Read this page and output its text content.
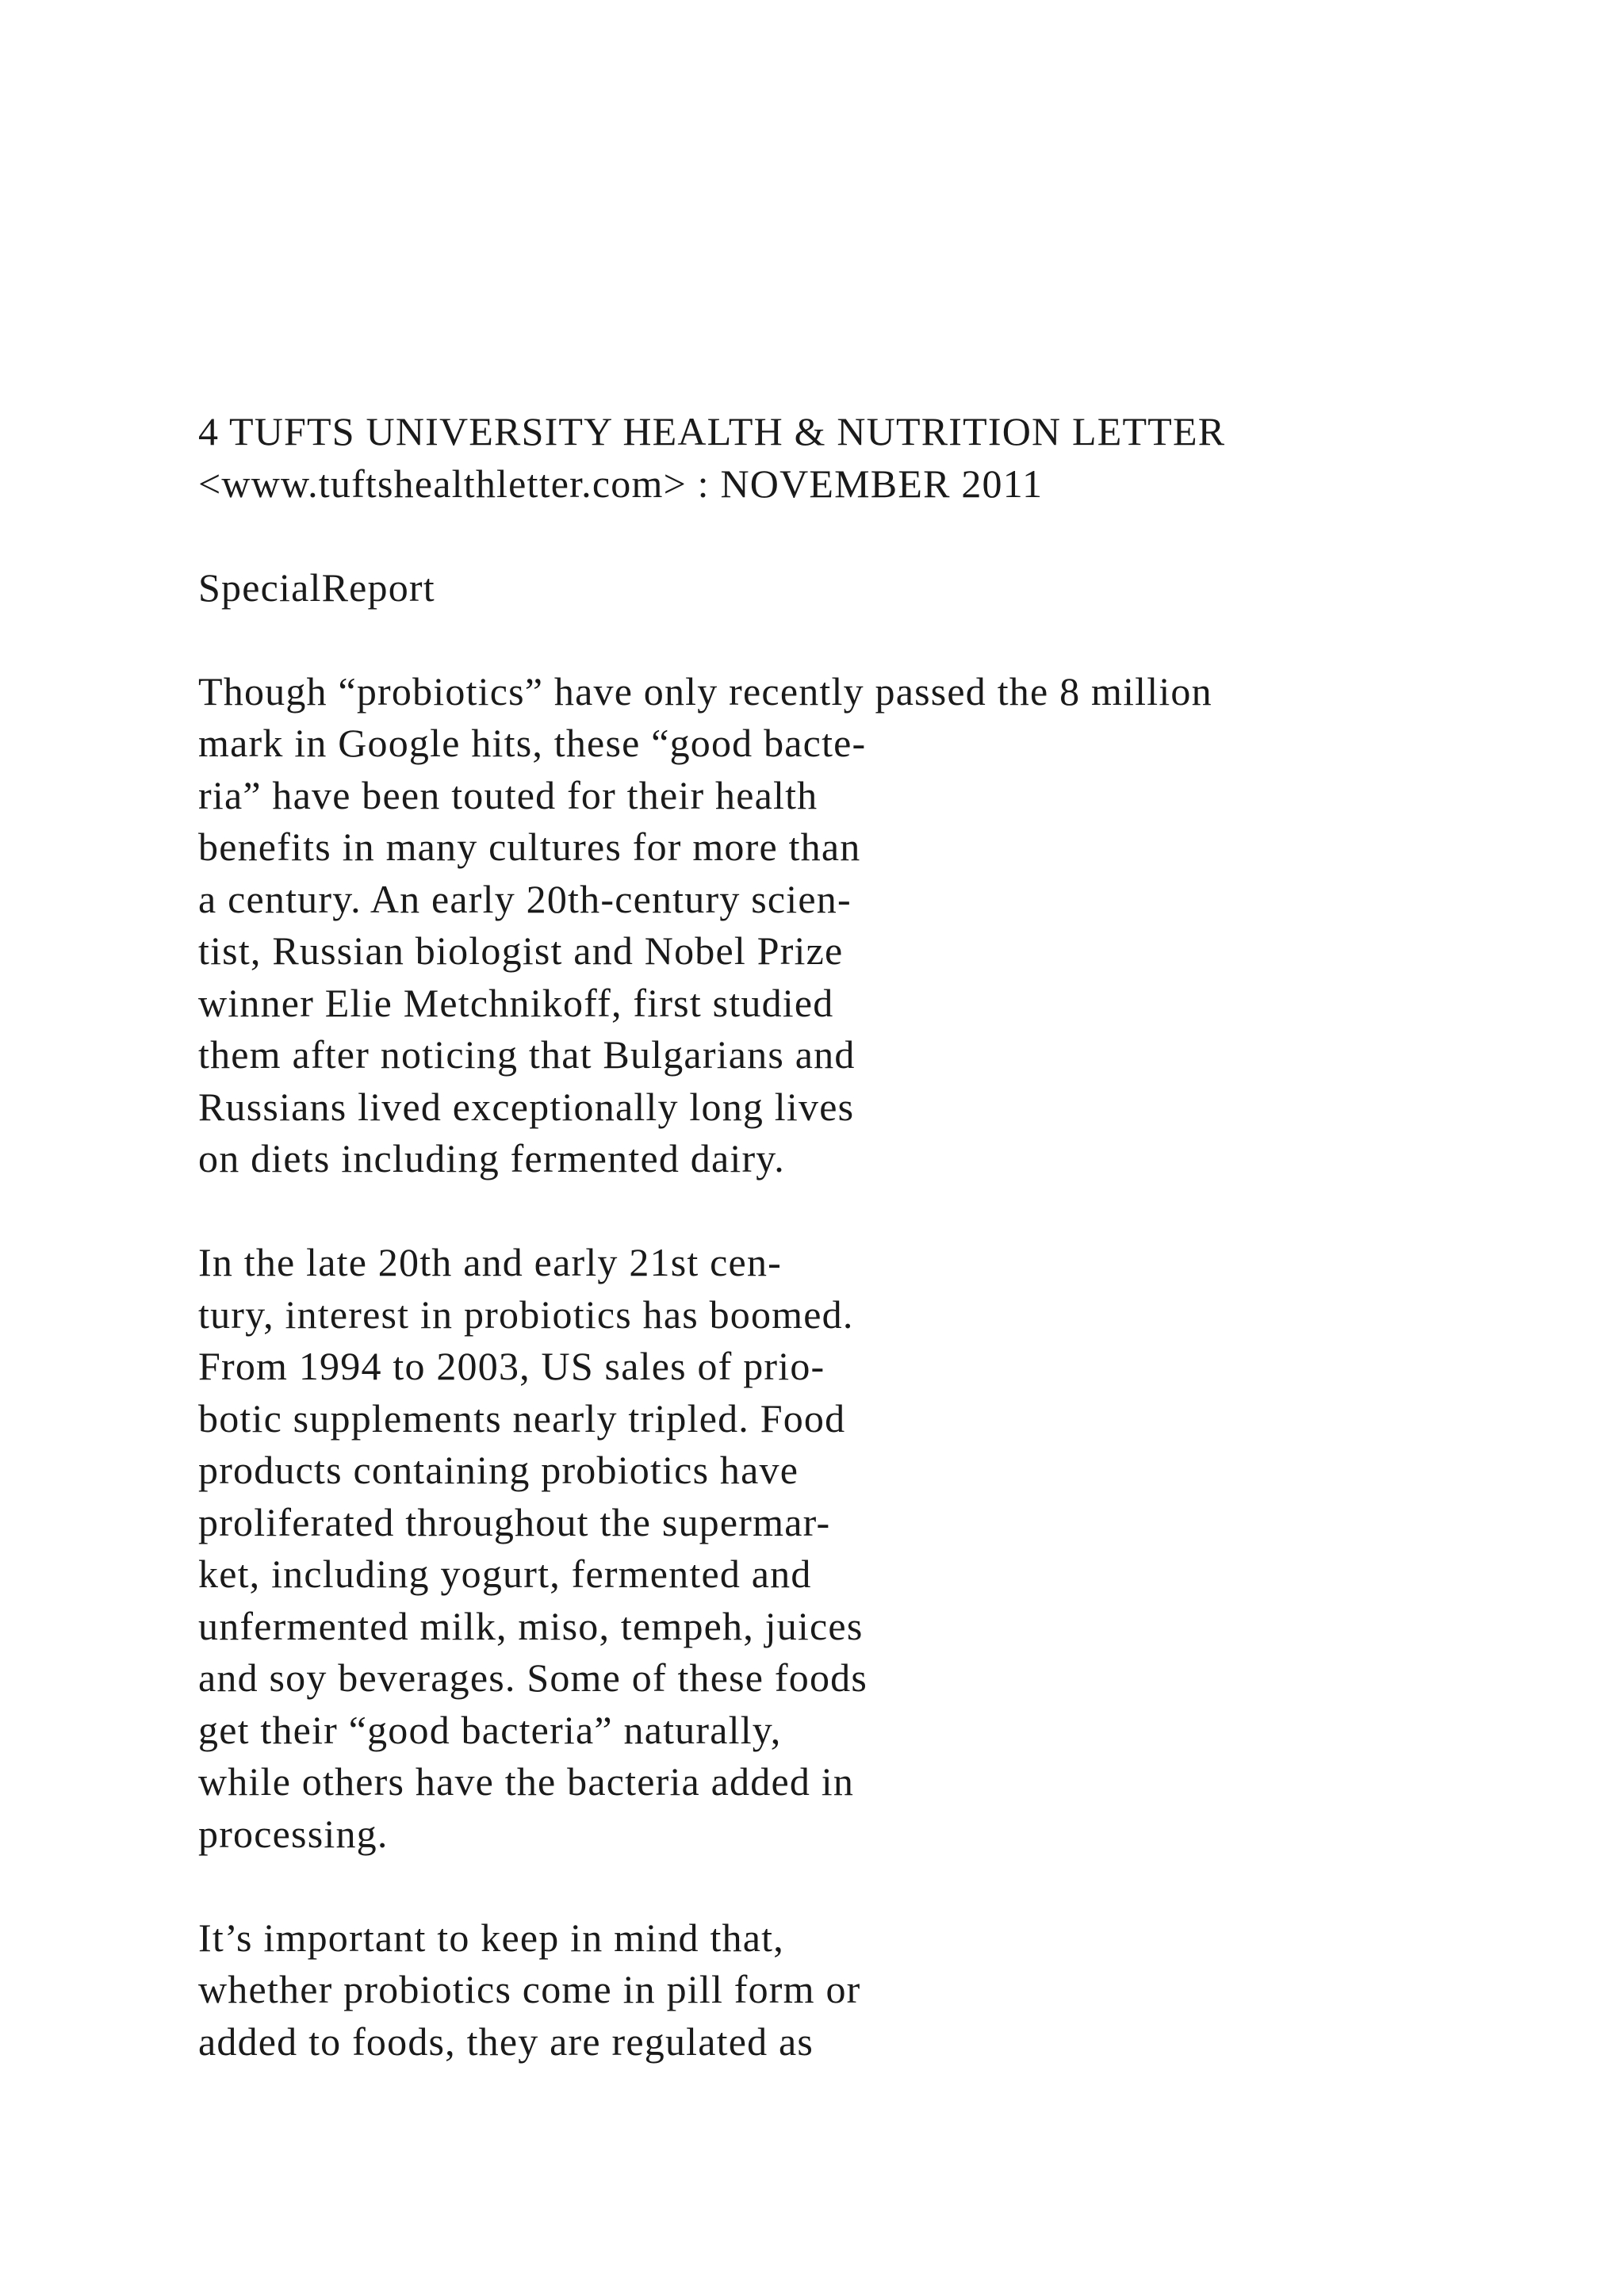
4 TUFTS UNIVERSITY HEALTH & NUTRITION LETTER
<www.tuftshealthletter.com> : NOVEMBER 2011
SpecialReport
Though “probiotics” have only recently passed the 8 million
mark in Google hits, these “good bacte-
ria” have been touted for their health
benefits in many cultures for more than
a century. An early 20th-century scien-
tist, Russian biologist and Nobel Prize
winner Elie Metchnikoff, first studied
them after noticing that Bulgarians and
Russians lived exceptionally long lives
on diets including fermented dairy.
In the late 20th and early 21st cen-
tury, interest in probiotics has boomed.
From 1994 to 2003, US sales of prio-
botic supplements nearly tripled. Food
products containing probiotics have
proliferated throughout the supermar-
ket, including yogurt, fermented and
unfermented milk, miso, tempeh, juices
and soy beverages. Some of these foods
get their “good bacteria” naturally,
while others have the bacteria added in
processing.
It’s important to keep in mind that,
whether probiotics come in pill form or
added to foods, they are regulated as
